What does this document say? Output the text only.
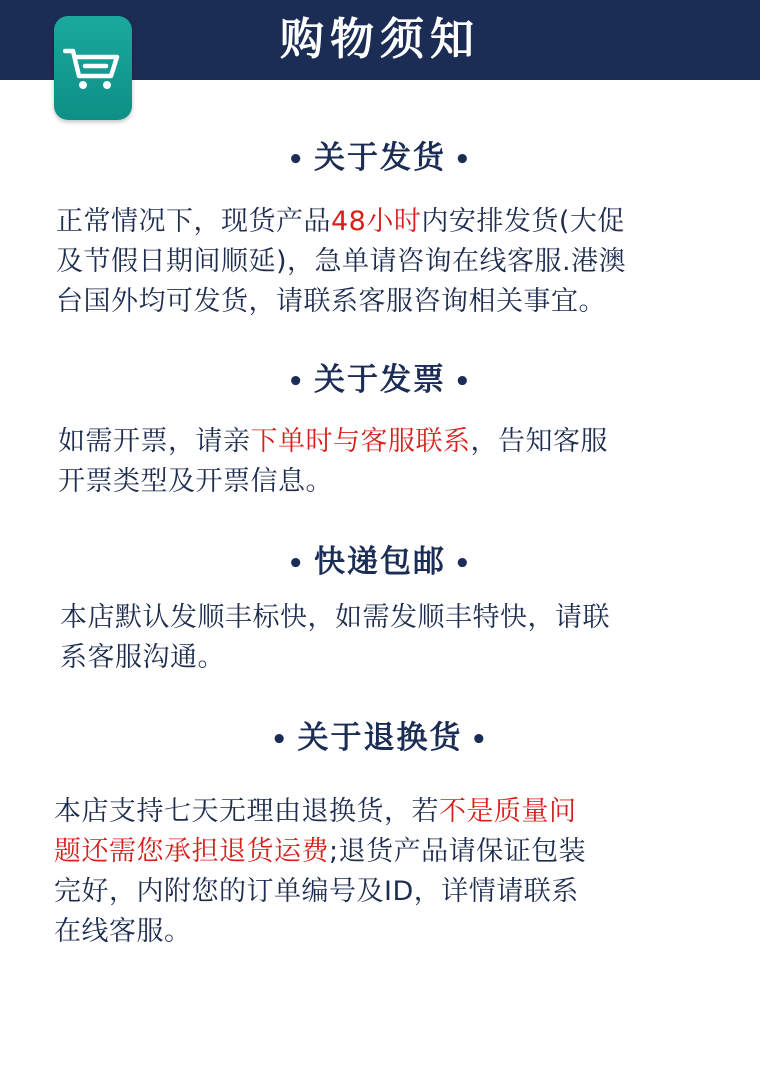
购物须知
• 关于发货 •
正常情况下，现货产品48小时内安排发货(大促
及节假日期间顺延)，急单请咨询在线客服.港澳
台国外均可发货，请联系客服咨询相关事宜。
• 关于发票 •
如需开票，请亲下单时与客服联系，告知客服
开票类型及开票信息。
• 快递包邮 •
本店默认发顺丰标快，如需发顺丰特快，请联
系客服沟通。
• 关于退换货 •
本店支持七天无理由退换货，若不是质量问
题还需您承担退货运费;退货产品请保证包装
完好，内附您的订单编号及ID，详情请联系
在线客服。
